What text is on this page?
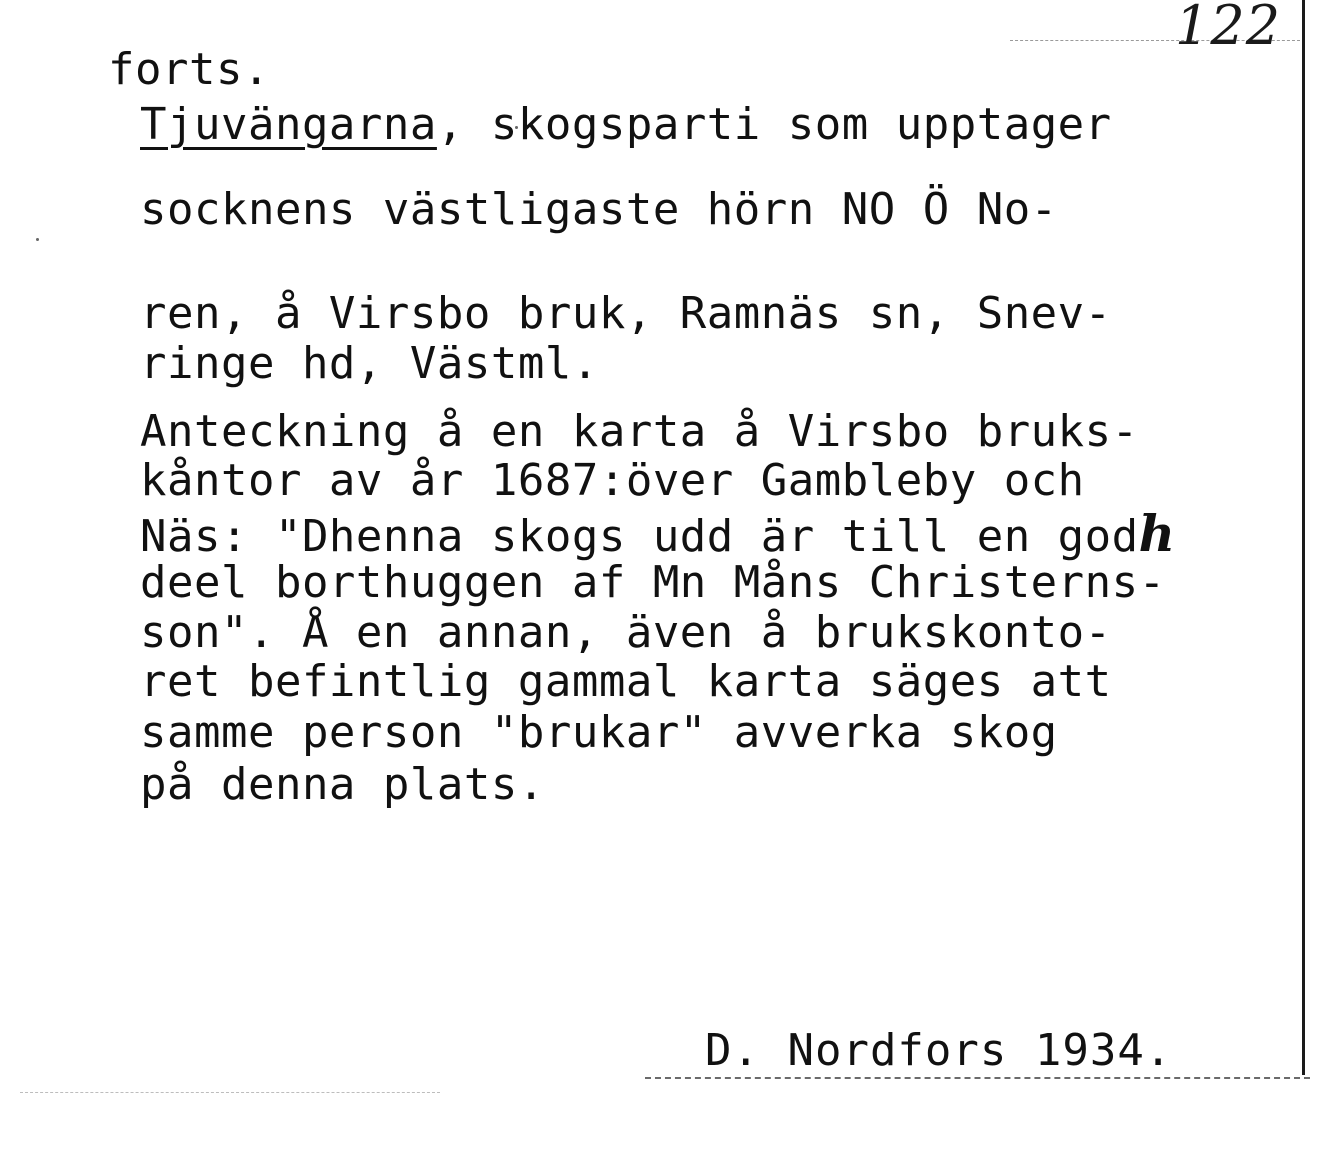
122
forts.
Tjuvängarna, skogsparti som upptager
socknens västligaste hörn NO Ö No-
ren, å Virsbo bruk, Ramnäs sn, Snev-
ringe hd, Västml.
Anteckning å en karta å Virsbo bruks-
kåntor av år 1687:över Gambleby och
Näs: "Dhenna skogs udd är till en godh
deel borthuggen af Mn Måns Christerns-
son". Å en annan, även å brukskonto-
ret befintlig gammal karta säges att
samme person "brukar" avverka skog
på denna plats.
D. Nordfors 1934.
